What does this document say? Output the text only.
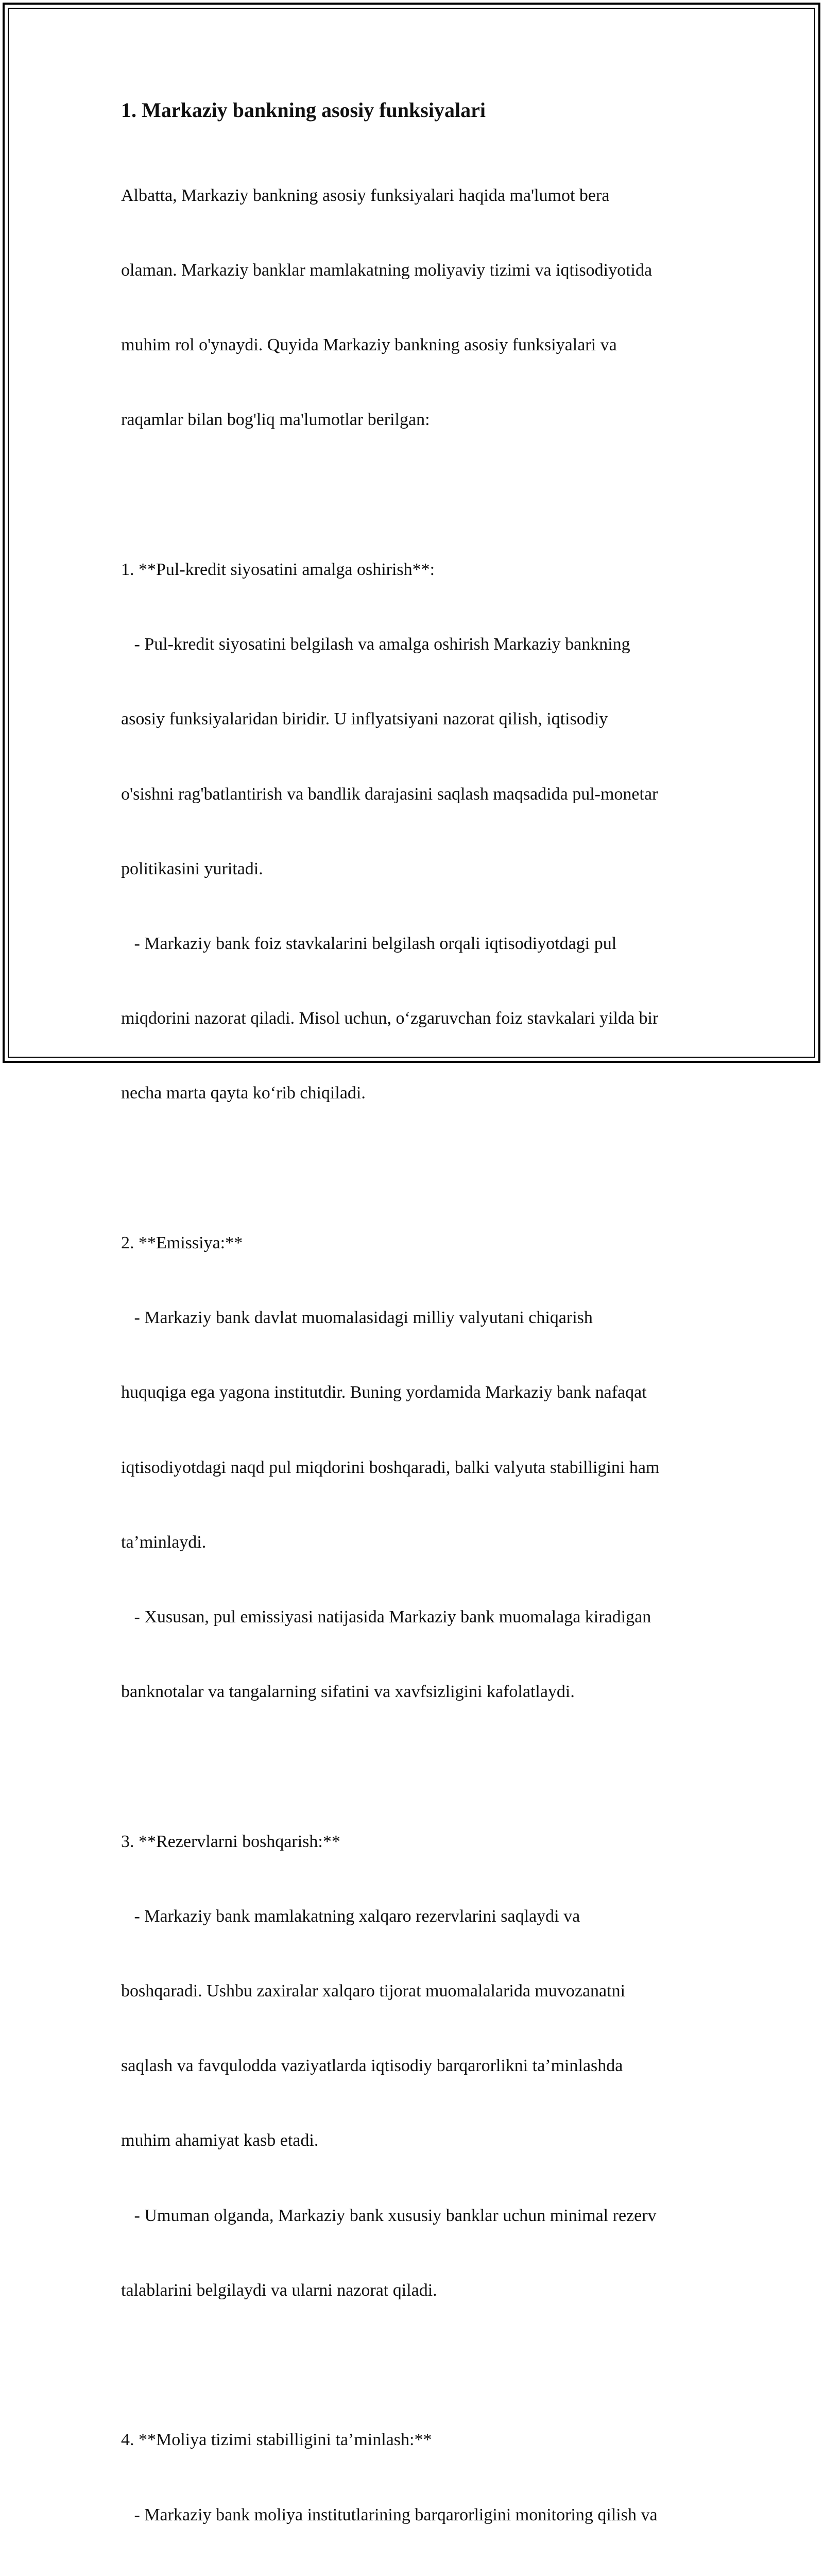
1. Markaziy bankning asosiy funksiyalari

Albatta, Markaziy bankning asosiy funksiyalari haqida ma'lumot bera

olaman. Markaziy banklar mamlakatning moliyaviy tizimi va iqtisodiyotida

muhim rol o'ynaydi. Quyida Markaziy bankning asosiy funksiyalari va

raqamlar bilan bog'liq ma'lumotlar berilgan:

1. **Pul-kredit siyosatini amalga oshirish**:

- Pul-kredit siyosatini belgilash va amalga oshirish Markaziy bankning

asosiy funksiyalaridan biridir. U inflyatsiyani nazorat qilish, iqtisodiy

o'sishni rag'batlantirish va bandlik darajasini saqlash maqsadida pul-monetar

politikasini yuritadi.

- Markaziy bank foiz stavkalarini belgilash orqali iqtisodiyotdagi pul

miqdorini nazorat qiladi. Misol uchun, o‘zgaruvchan foiz stavkalari yilda bir

necha marta qayta ko‘rib chiqiladi.

2. **Emissiya:**

- Markaziy bank davlat muomalasidagi milliy valyutani chiqarish

huquqiga ega yagona institutdir. Buning yordamida Markaziy bank nafaqat

iqtisodiyotdagi naqd pul miqdorini boshqaradi, balki valyuta stabilligini ham

ta’minlaydi.

- Xususan, pul emissiyasi natijasida Markaziy bank muomalaga kiradigan

banknotalar va tangalarning sifatini va xavfsizligini kafolatlaydi.

3. **Rezervlarni boshqarish:**

- Markaziy bank mamlakatning xalqaro rezervlarini saqlaydi va

boshqaradi. Ushbu zaxiralar xalqaro tijorat muomalalarida muvozanatni

saqlash va favqulodda vaziyatlarda iqtisodiy barqarorlikni ta’minlashda

muhim ahamiyat kasb etadi.

- Umuman olganda, Markaziy bank xususiy banklar uchun minimal rezerv

talablarini belgilaydi va ularni nazorat qiladi.

4. **Moliya tizimi stabilligini ta’minlash:**

- Markaziy bank moliya institutlarining barqarorligini monitoring qilish va
